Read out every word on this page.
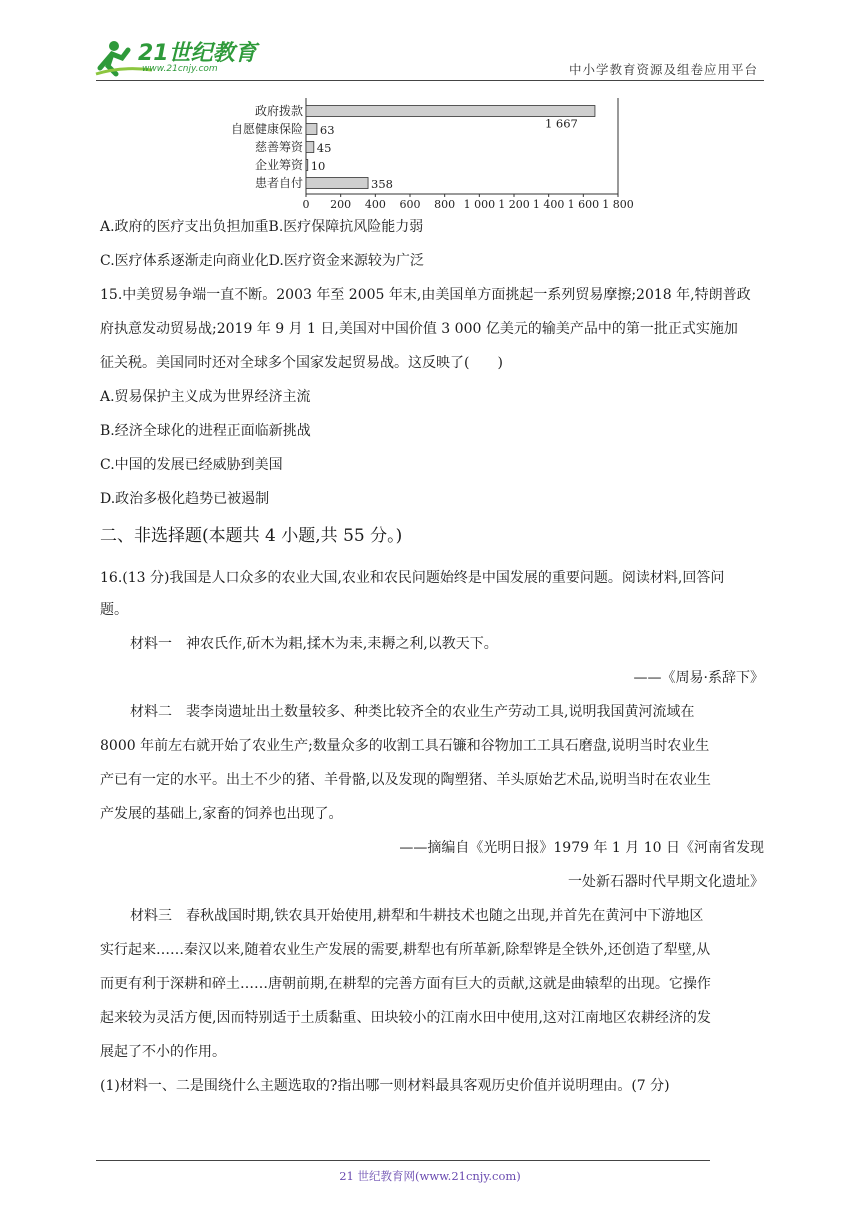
21世纪教育
www.21cnjy.com	中小学教育资源及组卷应用平台
政府拨款
1 667
自愿健康保险 63
慈善筹资 45
企业筹资 10
患者自付	358
0 200 400 600 800 1 000 1 200 1 400 1 600 1 800
A.政府的医疗支出负担加重B.医疗保障抗风险能力弱
C.医疗体系逐渐走向商业化D.医疗资金来源较为广泛
15.中美贸易争端一直不断。2003 年至 2005 年末,由美国单方面挑起一系列贸易摩擦;2018 年,特朗普政
府执意发动贸易战;2019 年 9 月 1 日,美国对中国价值 3 000 亿美元的输美产品中的第一批正式实施加
征关税。美国同时还对全球多个国家发起贸易战。这反映了(　　)
A.贸易保护主义成为世界经济主流
B.经济全球化的进程正面临新挑战
C.中国的发展已经威胁到美国
D.政治多极化趋势已被遏制
二、非选择题(本题共 4 小题,共 55 分。)
16.(13 分)我国是人口众多的农业大国,农业和农民问题始终是中国发展的重要问题。阅读材料,回答问
题。
材料一　神农氏作,斫木为耜,揉木为耒,耒耨之利,以教天下。
——《周易·系辞下》
材料二　裴李岗遗址出土数量较多、种类比较齐全的农业生产劳动工具,说明我国黄河流域在
8000 年前左右就开始了农业生产;数量众多的收割工具石镰和谷物加工工具石磨盘,说明当时农业生
产已有一定的水平。出土不少的猪、羊骨骼,以及发现的陶塑猪、羊头原始艺术品,说明当时在农业生
产发展的基础上,家畜的饲养也出现了。
——摘编自《光明日报》1979 年 1 月 10 日《河南省发现
一处新石器时代早期文化遗址》
材料三　春秋战国时期,铁农具开始使用,耕犁和牛耕技术也随之出现,并首先在黄河中下游地区
实行起来……秦汉以来,随着农业生产发展的需要,耕犁也有所革新,除犁铧是全铁外,还创造了犁壁,从
而更有利于深耕和碎土……唐朝前期,在耕犁的完善方面有巨大的贡献,这就是曲辕犁的出现。它操作
起来较为灵活方便,因而特别适于土质黏重、田块较小的江南水田中使用,这对江南地区农耕经济的发
展起了不小的作用。
(1)材料一、二是围绕什么主题选取的?指出哪一则材料最具客观历史价值并说明理由。(7 分)
21 世纪教育网(www.21cnjy.com)
